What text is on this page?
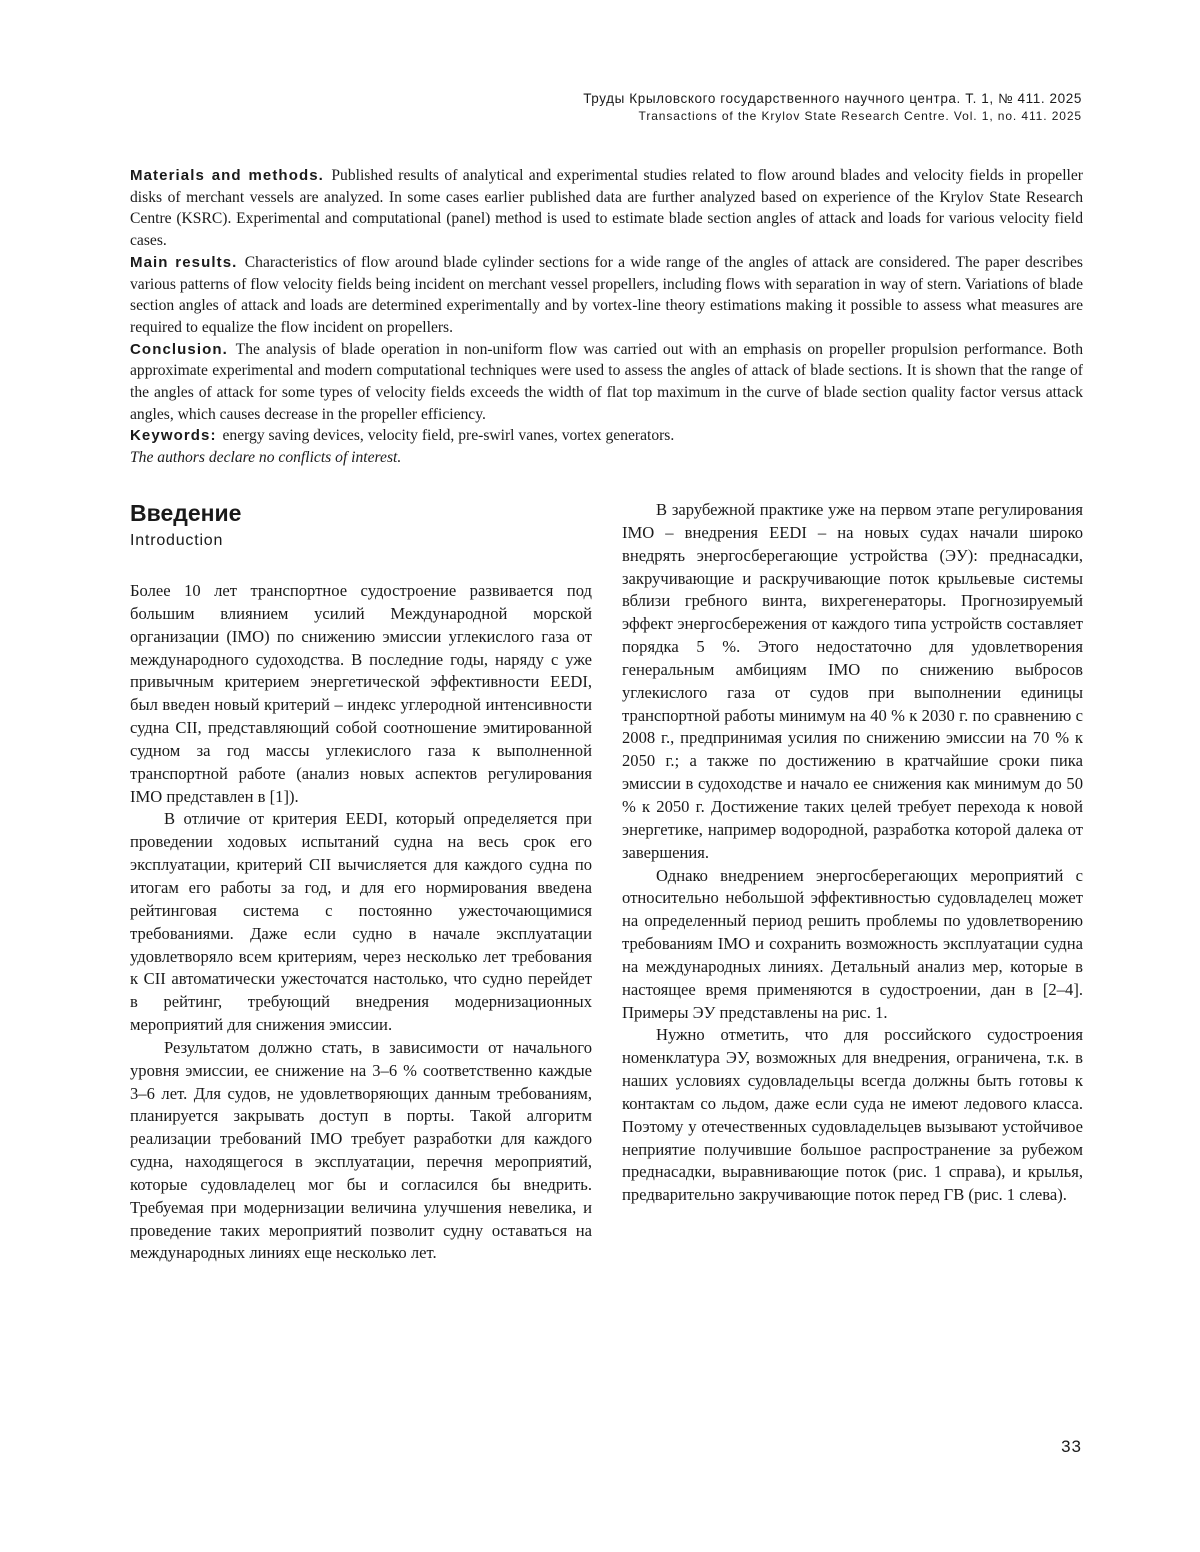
Труды Крыловского государственного научного центра. Т. 1, № 411. 2025
Transactions of the Krylov State Research Centre. Vol. 1, no. 411. 2025

Materials and methods. Published results of analytical and experimental studies related to flow around blades and velocity fields in propeller disks of merchant vessels are analyzed. In some cases earlier published data are further analyzed based on experience of the Krylov State Research Centre (KSRC). Experimental and computational (panel) method is used to estimate blade section angles of attack and loads for various velocity field cases.

Main results. Characteristics of flow around blade cylinder sections for a wide range of the angles of attack are considered. The paper describes various patterns of flow velocity fields being incident on merchant vessel propellers, including flows with separation in way of stern. Variations of blade section angles of attack and loads are determined experimentally and by vortex-line theory estimations making it possible to assess what measures are required to equalize the flow incident on propellers.

Conclusion. The analysis of blade operation in non-uniform flow was carried out with an emphasis on propeller propulsion performance. Both approximate experimental and modern computational techniques were used to assess the angles of attack of blade sections. It is shown that the range of the angles of attack for some types of velocity fields exceeds the width of flat top maximum in the curve of blade section quality factor versus attack angles, which causes decrease in the propeller efficiency.

Keywords: energy saving devices, velocity field, pre-swirl vanes, vortex generators.

The authors declare no conflicts of interest.

Введение
Introduction

Более 10 лет транспортное судостроение развивается под большим влиянием усилий Международной морской организации (IMO) по снижению эмиссии углекислого газа от международного судоходства. В последние годы, наряду с уже привычным критерием энергетической эффективности EEDI, был введен новый критерий – индекс углеродной интенсивности судна CII, представляющий собой соотношение эмитированной судном за год массы углекислого газа к выполненной транспортной работе (анализ новых аспектов регулирования IMO представлен в [1]).

В отличие от критерия EEDI, который определяется при проведении ходовых испытаний судна на весь срок его эксплуатации, критерий CII вычисляется для каждого судна по итогам его работы за год, и для его нормирования введена рейтинговая система с постоянно ужесточающимися требованиями. Даже если судно в начале эксплуатации удовлетворяло всем критериям, через несколько лет требования к CII автоматически ужесточатся настолько, что судно перейдет в рейтинг, требующий внедрения модернизационных мероприятий для снижения эмиссии.

Результатом должно стать, в зависимости от начального уровня эмиссии, ее снижение на 3–6 % соответственно каждые 3–6 лет. Для судов, не удовлетворяющих данным требованиям, планируется закрывать доступ в порты. Такой алгоритм реализации требований IMO требует разработки для каждого судна, находящегося в эксплуатации, перечня мероприятий, которые судовладелец мог бы и согласился бы внедрить. Требуемая при модернизации величина улучшения невелика, и проведение таких мероприятий позволит судну оставаться на международных линиях еще несколько лет.

В зарубежной практике уже на первом этапе регулирования IMO – внедрения EEDI – на новых судах начали широко внедрять энергосберегающие устройства (ЭУ): преднасадки, закручивающие и раскручивающие поток крыльевые системы вблизи гребного винта, вихрегенераторы. Прогнозируемый эффект энергосбережения от каждого типа устройств составляет порядка 5 %. Этого недостаточно для удовлетворения генеральным амбициям IMO по снижению выбросов углекислого газа от судов при выполнении единицы транспортной работы минимум на 40 % к 2030 г. по сравнению с 2008 г., предпринимая усилия по снижению эмиссии на 70 % к 2050 г.; а также по достижению в кратчайшие сроки пика эмиссии в судоходстве и начало ее снижения как минимум до 50 % к 2050 г. Достижение таких целей требует перехода к новой энергетике, например водородной, разработка которой далека от завершения.

Однако внедрением энергосберегающих мероприятий с относительно небольшой эффективностью судовладелец может на определенный период решить проблемы по удовлетворению требованиям IMO и сохранить возможность эксплуатации судна на международных линиях. Детальный анализ мер, которые в настоящее время применяются в судостроении, дан в [2–4]. Примеры ЭУ представлены на рис. 1.

Нужно отметить, что для российского судостроения номенклатура ЭУ, возможных для внедрения, ограничена, т.к. в наших условиях судовладельцы всегда должны быть готовы к контактам со льдом, даже если суда не имеют ледового класса. Поэтому у отечественных судовладельцев вызывают устойчивое неприятие получившие большое распространение за рубежом преднасадки, выравнивающие поток (рис. 1 справа), и крылья, предварительно закручивающие поток перед ГВ (рис. 1 слева).

33
